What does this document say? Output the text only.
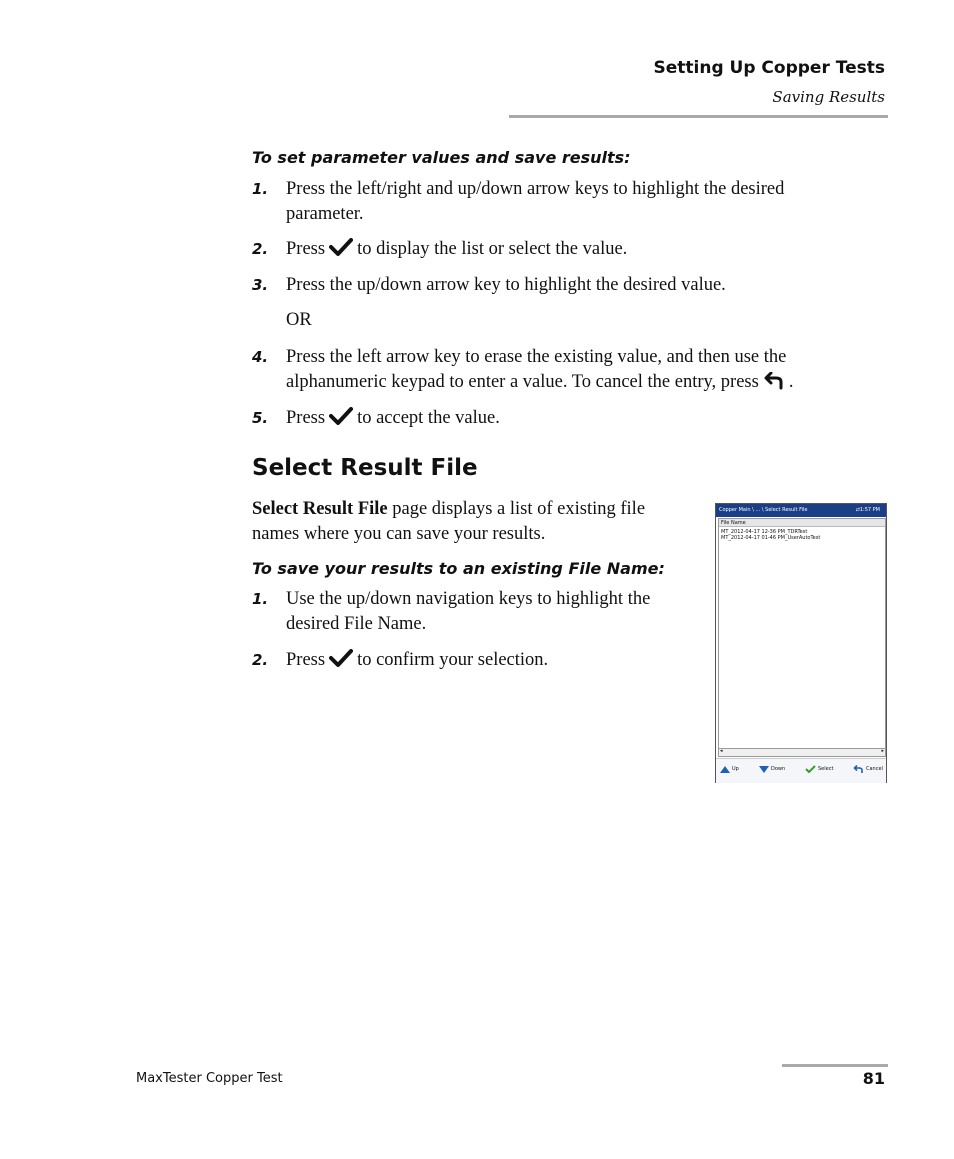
Setting Up Copper Tests
Saving Results
To set parameter values and save results:
1. Press the left/right and up/down arrow keys to highlight the desired
parameter.
2. Press to display the list or select the value.
3. Press the up/down arrow key to highlight the desired value.
OR
4. Press the left arrow key to erase the existing value, and then use the
alphanumeric keypad to enter a value. To cancel the entry, press .
5. Press to accept the value.
Select Result File
Select Result File page displays a list of existing file
names where you can save your results.
To save your results to an existing File Name:
1. Use the up/down navigation keys to highlight the
desired File Name.
2. Press to confirm your selection.
Copper Main \ ... \ Select Result File	⇄ 1:57 PM
File Name
MT_2012-04-17 12-36 PM_TDRTest
MT_2012-04-17 01-46 PM_UserAutoTest
◂	▸
Up	Down	Select	Cancel
MaxTester Copper Test	81
